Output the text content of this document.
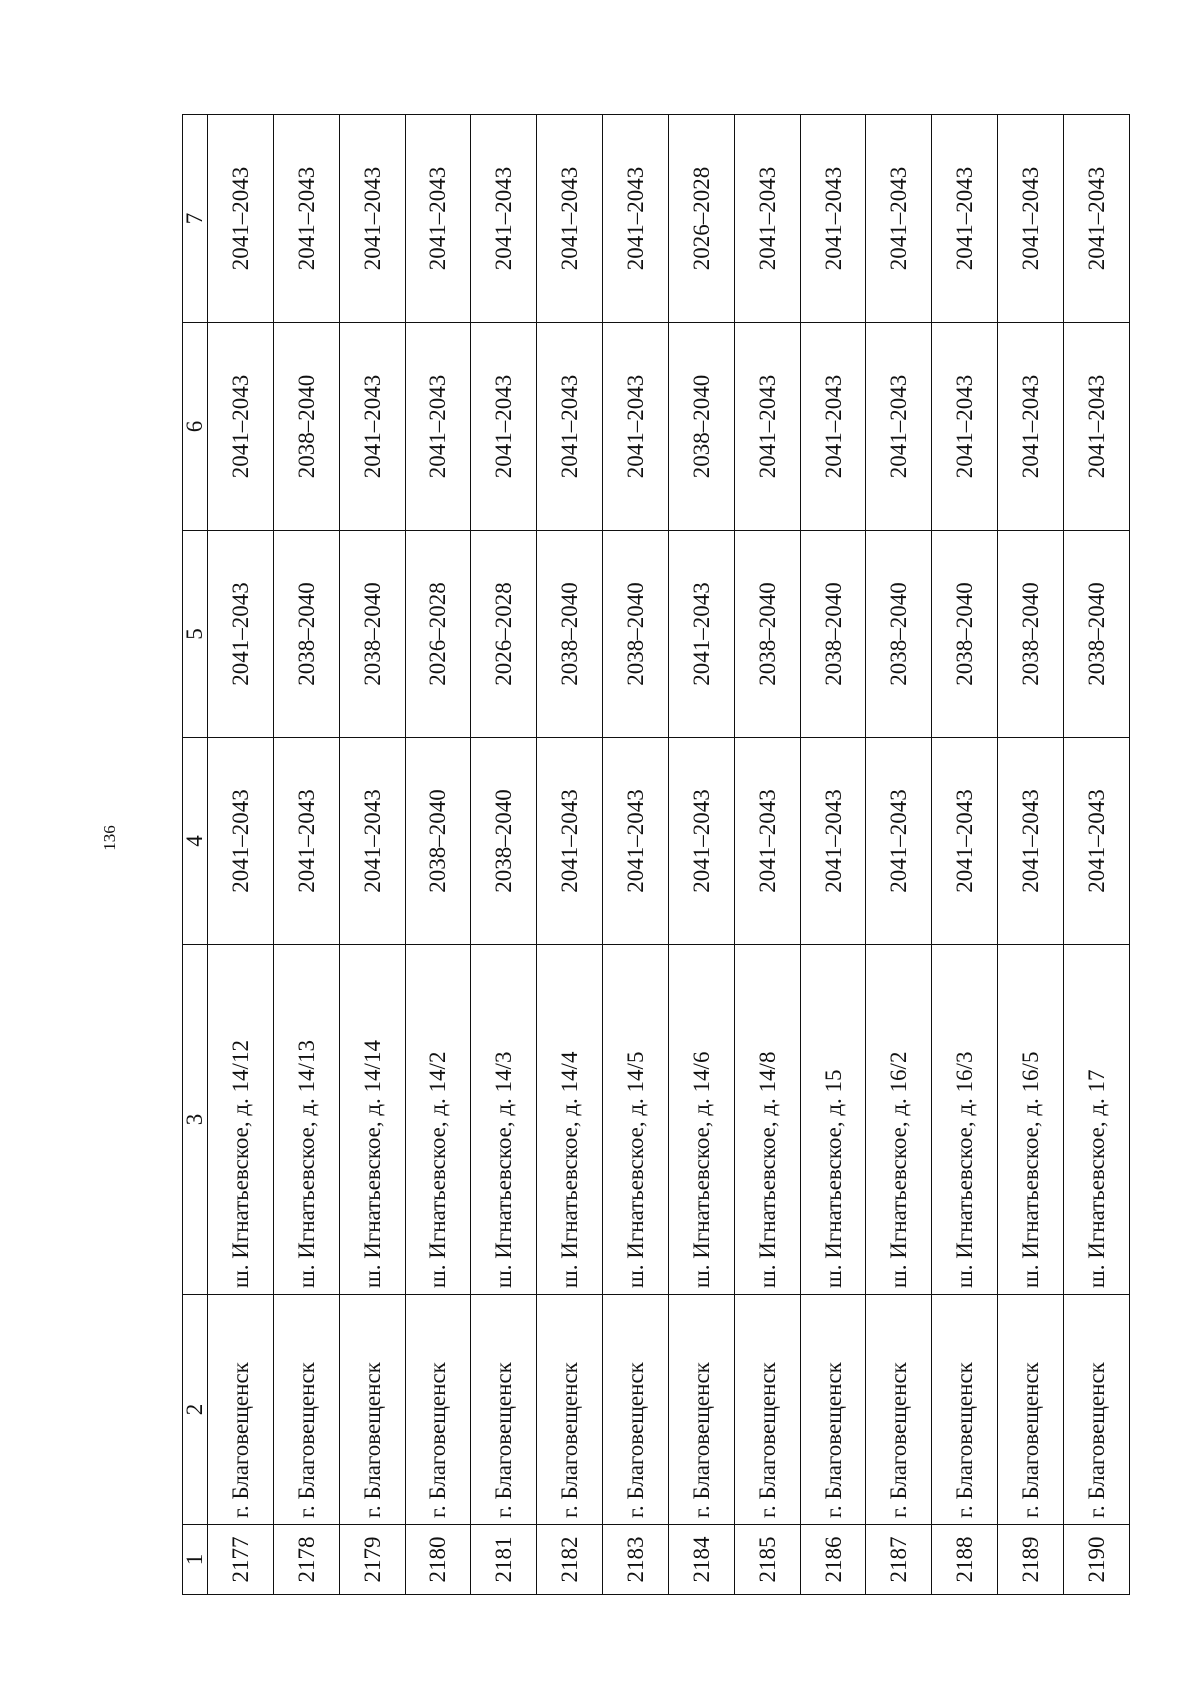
136
1	2	3	4	5	6	7
2177	г. Благовещенск	ш. Игнатьевское, д. 14/12	2041–2043	2041–2043	2041–2043	2041–2043
2178	г. Благовещенск	ш. Игнатьевское, д. 14/13	2041–2043	2038–2040	2038–2040	2041–2043
2179	г. Благовещенск	ш. Игнатьевское, д. 14/14	2041–2043	2038–2040	2041–2043	2041–2043
2180	г. Благовещенск	ш. Игнатьевское, д. 14/2	2038–2040	2026–2028	2041–2043	2041–2043
2181	г. Благовещенск	ш. Игнатьевское, д. 14/3	2038–2040	2026–2028	2041–2043	2041–2043
2182	г. Благовещенск	ш. Игнатьевское, д. 14/4	2041–2043	2038–2040	2041–2043	2041–2043
2183	г. Благовещенск	ш. Игнатьевское, д. 14/5	2041–2043	2038–2040	2041–2043	2041–2043
2184	г. Благовещенск	ш. Игнатьевское, д. 14/6	2041–2043	2041–2043	2038–2040	2026–2028
2185	г. Благовещенск	ш. Игнатьевское, д. 14/8	2041–2043	2038–2040	2041–2043	2041–2043
2186	г. Благовещенск	ш. Игнатьевское, д. 15	2041–2043	2038–2040	2041–2043	2041–2043
2187	г. Благовещенск	ш. Игнатьевское, д. 16/2	2041–2043	2038–2040	2041–2043	2041–2043
2188	г. Благовещенск	ш. Игнатьевское, д. 16/3	2041–2043	2038–2040	2041–2043	2041–2043
2189	г. Благовещенск	ш. Игнатьевское, д. 16/5	2041–2043	2038–2040	2041–2043	2041–2043
2190	г. Благовещенск	ш. Игнатьевское, д. 17	2041–2043	2038–2040	2041–2043	2041–2043
